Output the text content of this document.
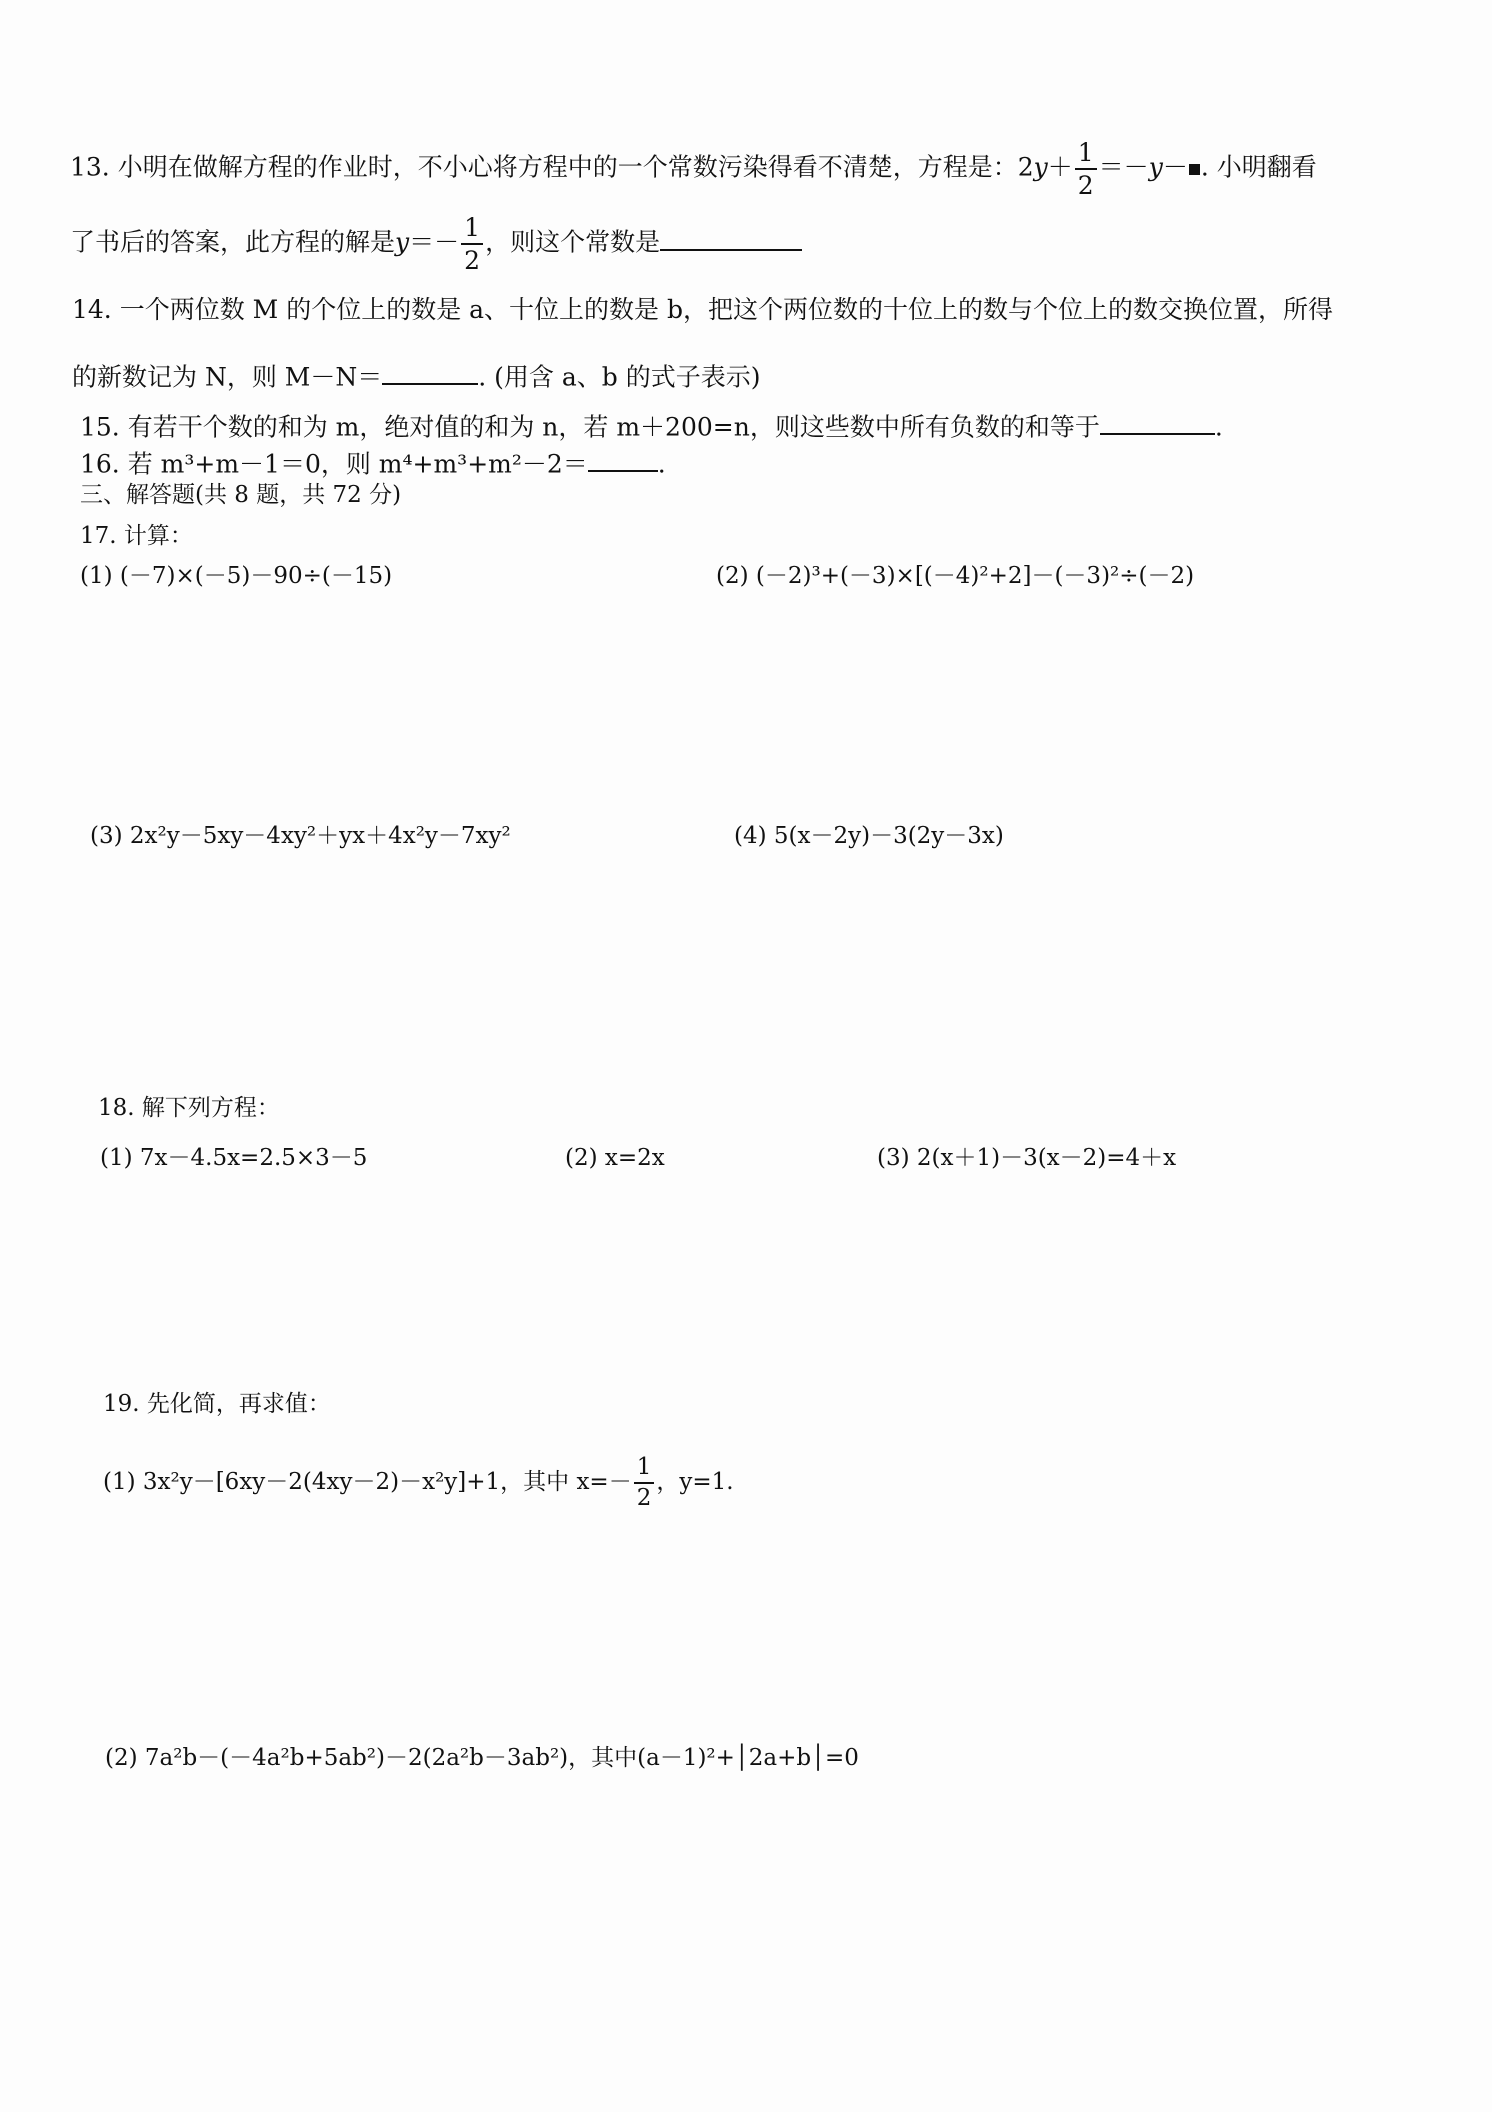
13. 小明在做解方程的作业时，不小心将方程中的一个常数污染得看不清楚，方程是：$2y+ \frac{1}{2} =-y-$ . 小明翻看
了书后的答案，此方程的解是$y=- \frac{1}{2}$ ，则这个常数是
14. 一个两位数 M 的个位上的数是 a、十位上的数是 b，把这个两位数的十位上的数与个位上的数交换位置，所得
的新数记为 N，则 M－N＝	. (用含 a、b 的式子表示)
15. 有若干个数的和为 m，绝对值的和为 n，若 m＋200=n，则这些数中所有负数的和等于	.
16. 若 m³+m－1＝0，则 m⁴+m³+m²－2＝	.
三、解答题(共 8 题，共 72 分)
17. 计算：
(1) (－7)×(－5)－90÷(－15)	(2) (－2)³+(－3)×[(－4)²+2]－(－3)²÷(－2)
(3) 2x²y－5xy－4xy²＋yx＋4x²y－7xy²	(4) 5(x－2y)－3(2y－3x)
18. 解下列方程：
(1) 7x－4.5x=2.5×3－5	(2) x=2x	(3) 2(x＋1)－3(x－2)=4＋x
19. 先化简，再求值：
(1) 3x²y－[6xy－2(4xy－2)－x²y]+1，其中 $x=- \frac{1}{2}$ ，y=1.
(2) 7a²b－(－4a²b+5ab²)－2(2a²b－3ab²)，其中(a－1)²+│2a+b│=0
